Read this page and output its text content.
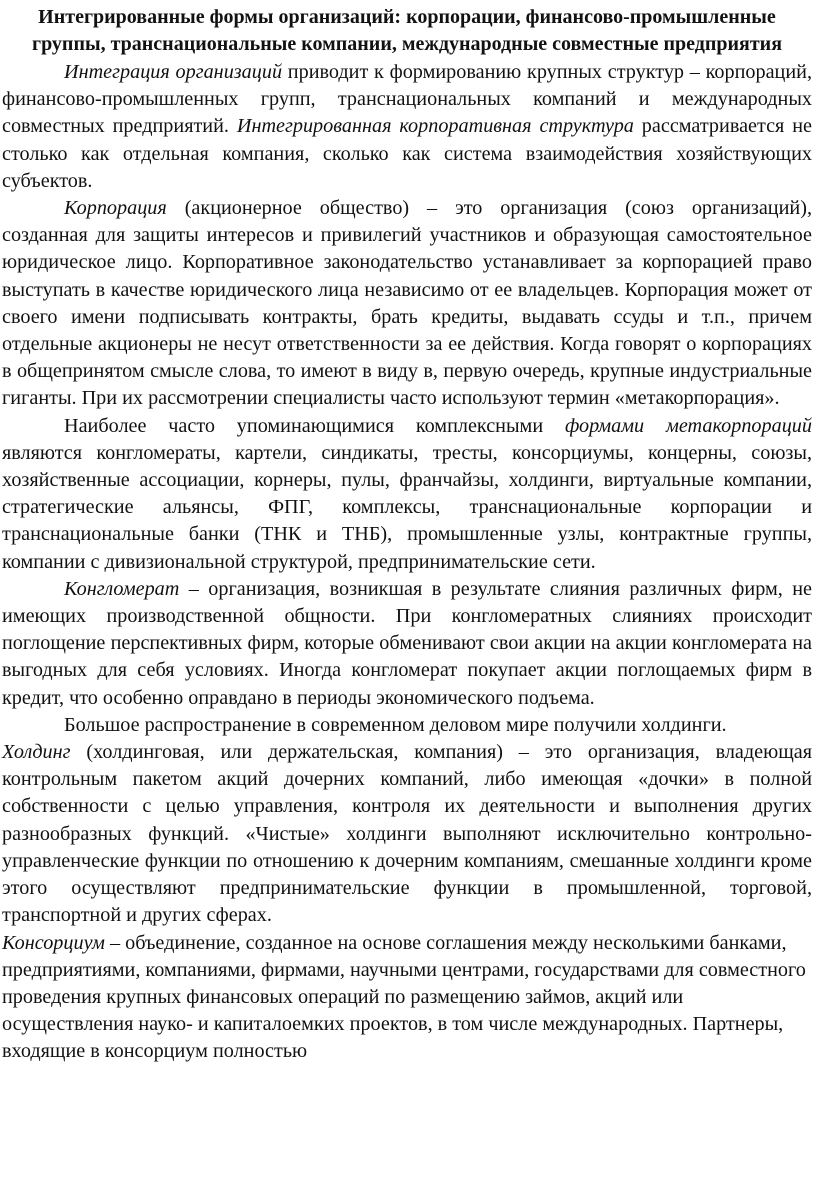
Интегрированные формы организаций: корпорации, финансово-промышленные группы, транснациональные компании, международные совместные предприятия

Интеграция организаций приводит к формированию крупных структур – корпораций, финансово-промышленных групп, транснациональных компаний и международных совместных предприятий. Интегрированная корпоративная структура рассматривается не столько как отдельная компания, сколько как система взаимодействия хозяйствующих субъектов.

Корпорация (акционерное общество) – это организация (союз организаций), созданная для защиты интересов и привилегий участников и образующая самостоятельное юридическое лицо. Корпоративное законодательство устанавливает за корпорацией право выступать в качестве юридического лица независимо от ее владельцев. Корпорация может от своего имени подписывать контракты, брать кредиты, выдавать ссуды и т.п., причем отдельные акционеры не несут ответственности за ее действия. Когда говорят о корпорациях в общепринятом смысле слова, то имеют в виду в, первую очередь, крупные индустриальные гиганты. При их рассмотрении специалисты часто используют термин «метакорпорация».

Наиболее часто упоминающимися комплексными формами метакорпораций являются конгломераты, картели, синдикаты, тресты, консорциумы, концерны, союзы, хозяйственные ассоциации, корнеры, пулы, франчайзы, холдинги, виртуальные компании, стратегические альянсы, ФПГ, комплексы, транснациональные корпорации и транснациональные банки (ТНК и ТНБ), промышленные узлы, контрактные группы, компании с дивизиональной структурой, предпринимательские сети.

Конгломерат – организация, возникшая в результате слияния различных фирм, не имеющих производственной общности. При конгломератных слияниях происходит поглощение перспективных фирм, которые обменивают свои акции на акции конгломерата на выгодных для себя условиях. Иногда конгломерат покупает акции поглощаемых фирм в кредит, что особенно оправдано в периоды экономического подъема.

Большое распространение в современном деловом мире получили холдинги.

Холдинг (холдинговая, или держательская, компания) – это организация, владеющая контрольным пакетом акций дочерних компаний, либо имеющая «дочки» в полной собственности с целью управления, контроля их деятельности и выполнения других разнообразных функций. «Чистые» холдинги выполняют исключительно контрольно-управленческие функции по отношению к дочерним компаниям, смешанные холдинги кроме этого осуществляют предпринимательские функции в промышленной, торговой, транспортной и других сферах.

Консорциум – объединение, созданное на основе соглашения между несколькими банками, предприятиями, компаниями, фирмами, научными центрами, государствами для совместного проведения крупных финансовых операций по размещению займов, акций или осуществления науко- и капиталоемких проектов, в том числе международных. Партнеры, входящие в консорциум полностью
